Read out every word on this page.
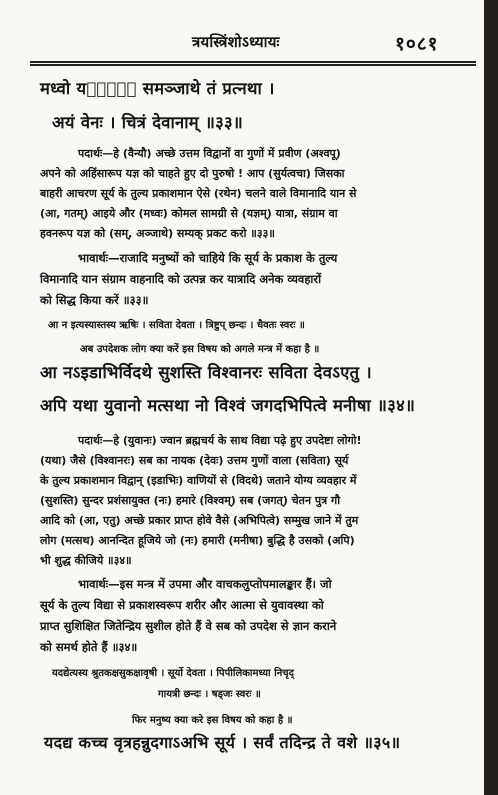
त्रयस्त्रिंशोऽध्यायः	१०८१
मध्वो यज्ञ᳖ᳫ समञ्जाथे तं प्रत्नथा ।
अयं वेनः । चित्रं देवानाम् ॥३३॥
पदार्थः—हे (वैन्यौ) अच्छे उत्तम विद्वानों वा गुणों में प्रवीण (अश्वपू)
अपने को अहिंसारूप यज्ञ को चाहते हुए दो पुरुषो ! आप (सुर्यत्वचा) जिसका
बाहरी आचरण सूर्य के तुल्य प्रकाशमान ऐसे (रथेन) चलने वाले विमानादि यान से
(आ, गतम्) आइये और (मध्वः) कोमल सामग्री से (यज्ञम्) यात्रा, संग्राम वा
हवनरूप यज्ञ को (सम्, अञ्जाथे) सम्यक् प्रकट करो ॥३३॥
भावार्थः—राजादि मनुष्यों को चाहिये कि सूर्य के प्रकाश के तुल्य
विमानादि यान संग्राम वाहनादि को उत्पन्न कर यात्रादि अनेक व्यवहारों
को सिद्ध किया करें ॥३३॥
आ न इत्यस्यास्तस्य ऋषिः । सविता देवता । त्रिष्टुप् छन्दः । धैवतः स्वरः ॥
अब उपदेशक लोग क्या करें इस विषय को अगले मन्त्र में कहा है ॥
आ नऽइडाभिर्विदथे सुशस्ति विश्वानरः सविता देवऽएतु ।
अपि यथा युवानो मत्सथा नो विश्वं जगदभिपित्वे मनीषा ॥३४॥
पदार्थः—हे (युवानः) ज्वान ब्रह्मचर्य के साथ विद्या पढ़े हुए उपदेष्टा लोगो!
(यथा) जैसे (विश्वानरः) सब का नायक (देवः) उत्तम गुणों वाला (सविता) सूर्य
के तुल्य प्रकाशमान विद्वान् (इडाभिः) वाणियों से (विदथे) जताने योग्य व्यवहार में
(सुशस्ति) सुन्दर प्रशंसायुक्त (नः) हमारे (विश्वम्) सब (जगत्) चेतन पुत्र गौ
आदि को (आ, एतु) अच्छे प्रकार प्राप्त होवे वैसे (अभिपित्वे) सम्मुख जाने में तुम
लोग (मत्सथ) आनन्दित हूजिये जो (नः) हमारी (मनीषा) बुद्धि है उसको (अपि)
भी शुद्ध कीजिये ॥३४॥
भावार्थः—इस मन्त्र में उपमा और वाचकलुप्तोपमालङ्कार हैं। जो
सूर्य के तुल्य विद्या से प्रकाशस्वरूप शरीर और आत्मा से युवावस्था को
प्राप्त सुशिक्षित जितेन्द्रिय सुशील होते हैं वे सब को उपदेश से ज्ञान कराने
को समर्थ होते हैं ॥३४॥
यदद्येत्यस्य श्रुतकक्षसुकक्षावृषी । सूर्यो देवता । पिपीलिकामध्या निचृद्
गायत्री छन्दः । षड्जः स्वरः ॥
फिर मनुष्य क्या करे इस विषय को कहा है ॥
यदद्य कच्च वृत्रहन्नुदगाऽअभि सूर्य । सर्वं तदिन्द्र ते वशे ॥३५॥
